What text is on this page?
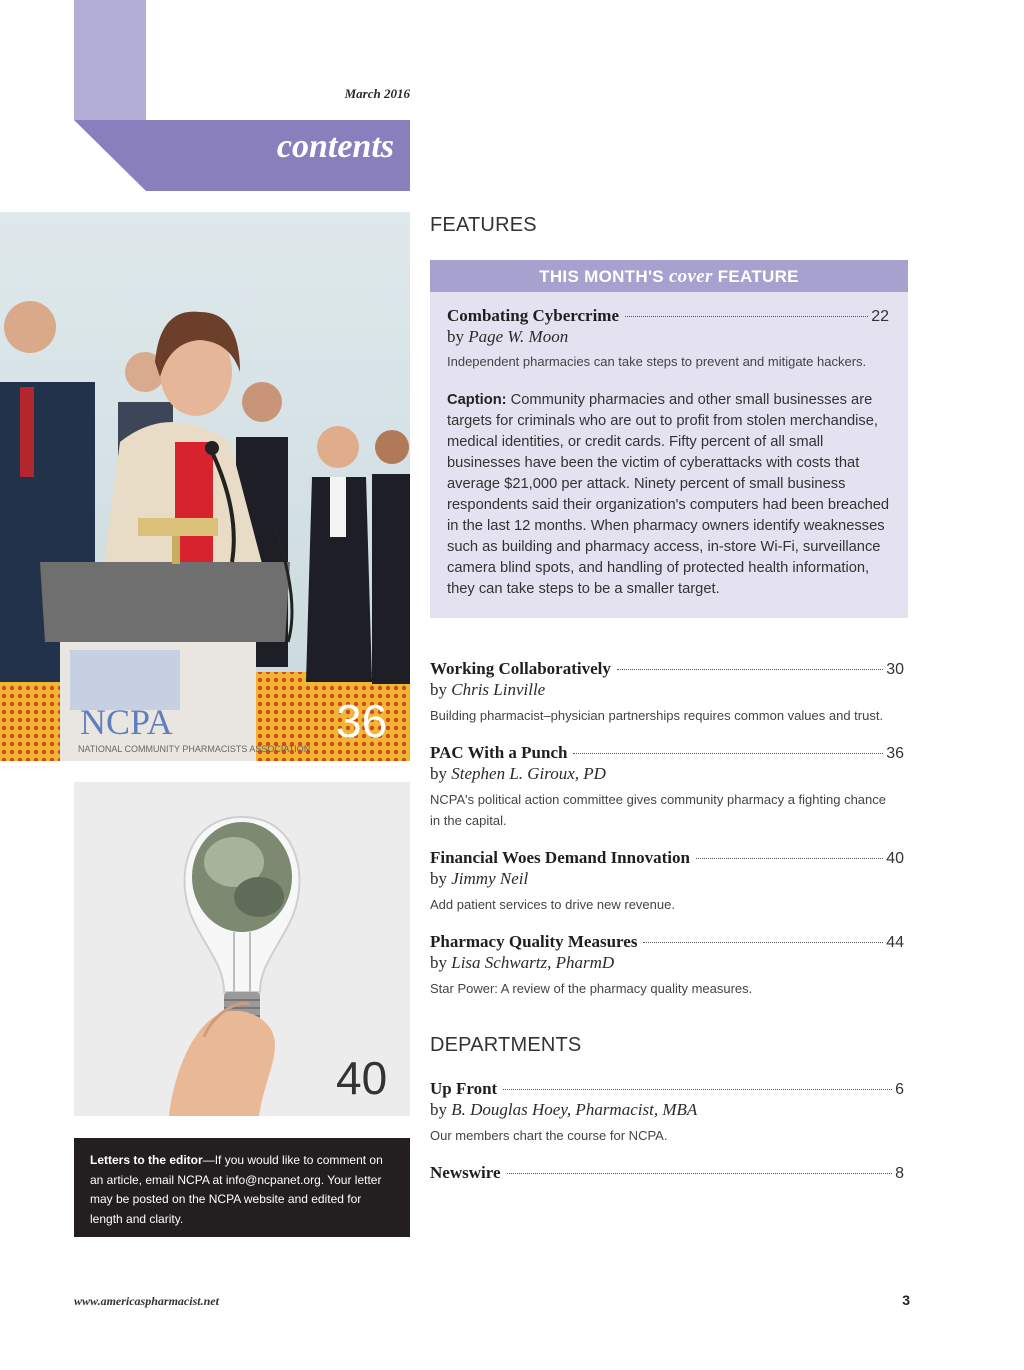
March 2016
contents
NCPA
NATIONAL COMMUNITY PHARMACISTS ASSOCIATION
36
40
Letters to the editor—If you would like to comment on an article, email NCPA at info@ncpanet.org. Your letter may be posted on the NCPA website and edited for length and clarity.
FEATURES
THIS MONTH'S cover FEATURE
Combating Cybercrime	22
by Page W. Moon
Independent pharmacies can take steps to prevent and mitigate hackers.
Caption: Community pharmacies and other small businesses are targets for criminals who are out to profit from stolen merchandise, medical identities, or credit cards. Fifty percent of all small businesses have been the victim of cyberattacks with costs that average $21,000 per attack. Ninety percent of small business respondents said their organization's computers had been breached in the last 12 months. When pharmacy owners identify weaknesses such as building and pharmacy access, in-store Wi-Fi, surveillance camera blind spots, and handling of protected health information, they can take steps to be a smaller target.
Working Collaboratively	30
by Chris Linville
Building pharmacist–physician partnerships requires common values and trust.
PAC With a Punch	36
by Stephen L. Giroux, PD
NCPA's political action committee gives community pharmacy a fighting chance in the capital.
Financial Woes Demand Innovation	40
by Jimmy Neil
Add patient services to drive new revenue.
Pharmacy Quality Measures	44
by Lisa Schwartz, PharmD
Star Power: A review of the pharmacy quality measures.
DEPARTMENTS
Up Front	6
by B. Douglas Hoey, Pharmacist, MBA
Our members chart the course for NCPA.
Newswire	8
www.americaspharmacist.net	3
